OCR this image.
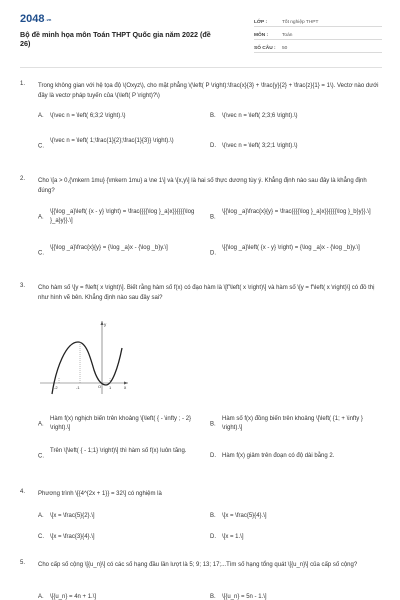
2048.vn
Bộ đề minh họa môn Toán THPT Quốc gia năm 2022 (đề 26)
LỚP :	Tốt nghiệp THPT
MÔN :	Toán
SỐ CÂU :	50
1. Trong không gian với hệ tọa độ \(Oxyz\), cho mặt phẳng \(\left( P \right):\frac{x}{3} + \frac{y}{2} + \frac{z}{1} = 1\). Vectơ nào dưới đây là vectơ pháp tuyến của \(\left( P \right)?\)
A. \(\vec n = \left( 6;3;2 \right).\)	B. \(\vec n = \left( 2;3;6 \right).\)
C.
\(\vec n = \left( 1;\frac{1}{2};\frac{1}{3}} \right).\)
D. \(\vec n = \left( 3;2;1 \right).\)
2. Cho \[a > 0,{\mkern 1mu} {\mkern 1mu} a \ne 1\] và \[x,y\] là hai số thực dương tùy ý. Khẳng định nào sau đây là khẳng định đúng?
A.
\[{\log _a}\left( {x - y} \right) = \frac{{{{\log }_a}x}}{{{{\log }_a}y}}.\]
B.
\[{\log _a}\frac{x}{y} = \frac{{{{\log }_a}x}}{{{{\log }_b}y}}.\]
C.
\[{\log _a}\frac{x}{y} = {\log _a}x - {\log _b}y.\]
D.
\[{\log _a}\left( {x - y} \right) = {\log _a}x - {\log _b}y.\]
3. Cho hàm số \[y = f\left( x \right)\]. Biết rằng hàm số f(x) có đạo hàm là \[f'\left( x \right)\] và hàm số \[y = f'\left( x \right)\] có đồ thị như hình vẽ bên. Khẳng định nào sau đây sai?
A.
Hàm f(x) nghịch biến trên khoảng \[\left( { - \infty ; - 2} \right).\]
B.
Hàm số f(x) đồng biến trên khoảng \[\left( {1; + \infty } \right).\]
C.
Trên \[\left( { - 1;1} \right)\] thì hàm số f(x) luôn tăng.
D. Hàm f(x) giảm trên đoạn có độ dài bằng 2.
y
x
O
-2	-1	1
4. Phương trình \[{4^{2x + 1}} = 32\] có nghiệm là
A. \[x = \frac{5}{2}.\]	B. \[x = \frac{5}{4}.\]
C. \[x = \frac{3}{4}.\]	D. \[x = 1.\]
5. Cho cấp số cộng \[{u_n}\] có các số hạng đầu lần lượt là 5; 9; 13; 17;...Tìm số hạng tổng quát \[{u_n}\] của cấp số cộng?
A. \[{u_n} = 4n + 1.\]	B. \[{u_n} = 5n - 1.\]
